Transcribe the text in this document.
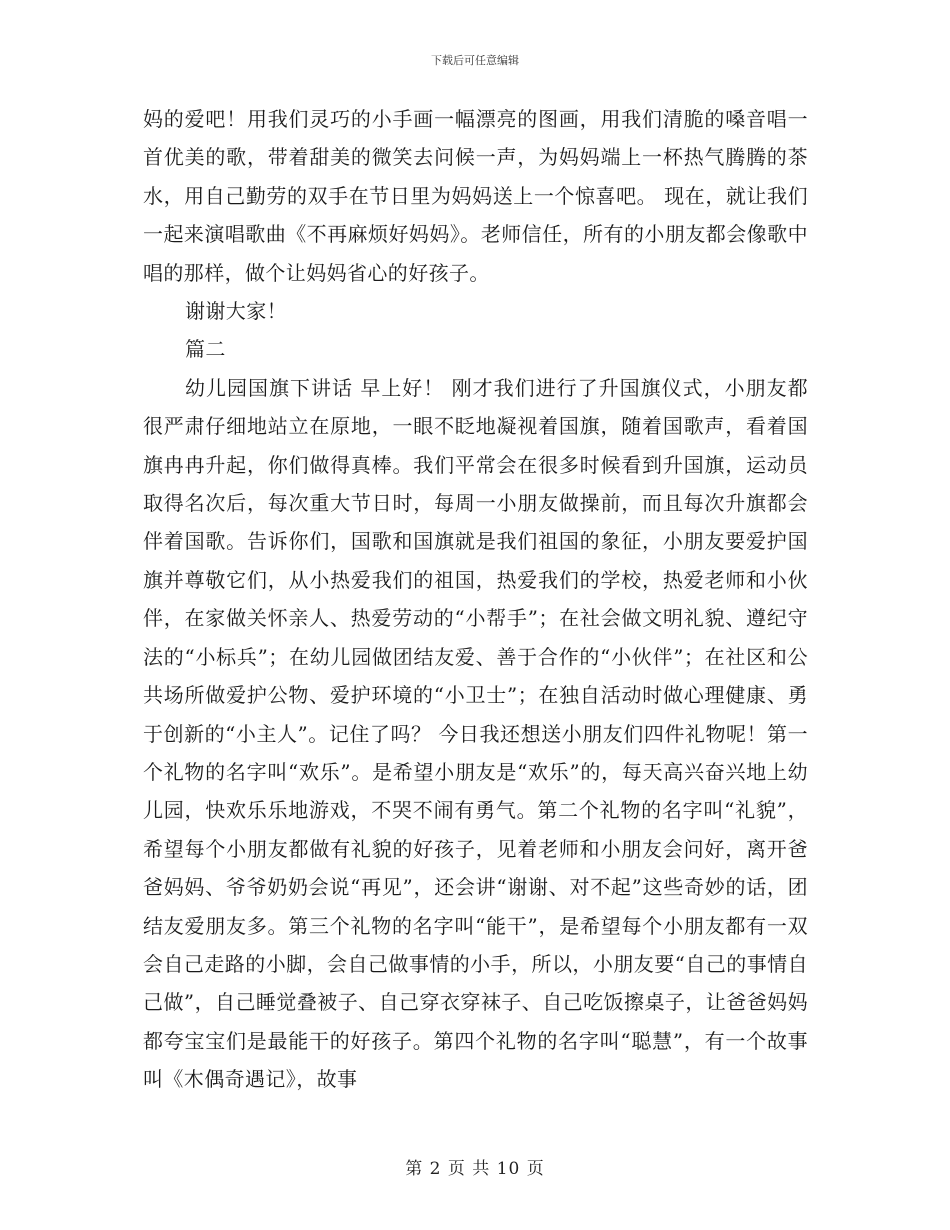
下载后可任意编辑

妈的爱吧！用我们灵巧的小手画一幅漂亮的图画，用我们清脆的嗓音唱一首优美的歌，带着甜美的微笑去问候一声，为妈妈端上一杯热气腾腾的茶水，用自己勤劳的双手在节日里为妈妈送上一个惊喜吧。 现在，就让我们一起来演唱歌曲《不再麻烦好妈妈》。老师信任，所有的小朋友都会像歌中唱的那样，做个让妈妈省心的好孩子。

谢谢大家！

篇二

幼儿园国旗下讲话 早上好！ 刚才我们进行了升国旗仪式，小朋友都很严肃仔细地站立在原地，一眼不眨地凝视着国旗，随着国歌声，看着国旗冉冉升起，你们做得真棒。我们平常会在很多时候看到升国旗，运动员取得名次后，每次重大节日时，每周一小朋友做操前，而且每次升旗都会伴着国歌。告诉你们，国歌和国旗就是我们祖国的象征，小朋友要爱护国旗并尊敬它们，从小热爱我们的祖国，热爱我们的学校，热爱老师和小伙伴，在家做关怀亲人、热爱劳动的“小帮手”；在社会做文明礼貌、遵纪守法的“小标兵”；在幼儿园做团结友爱、善于合作的“小伙伴”；在社区和公共场所做爱护公物、爱护环境的“小卫士”；在独自活动时做心理健康、勇于创新的“小主人”。记住了吗？ 今日我还想送小朋友们四件礼物呢！第一个礼物的名字叫“欢乐”。是希望小朋友是“欢乐”的，每天高兴奋兴地上幼儿园，快欢乐乐地游戏，不哭不闹有勇气。第二个礼物的名字叫“礼貌”，希望每个小朋友都做有礼貌的好孩子，见着老师和小朋友会问好，离开爸爸妈妈、爷爷奶奶会说“再见”，还会讲“谢谢、对不起”这些奇妙的话，团结友爱朋友多。第三个礼物的名字叫“能干”，是希望每个小朋友都有一双会自己走路的小脚，会自己做事情的小手，所以，小朋友要“自己的事情自己做”，自己睡觉叠被子、自己穿衣穿袜子、自己吃饭擦桌子，让爸爸妈妈都夸宝宝们是最能干的好孩子。第四个礼物的名字叫“聪慧”，有一个故事叫《木偶奇遇记》，故事

第 2 页 共 10 页
